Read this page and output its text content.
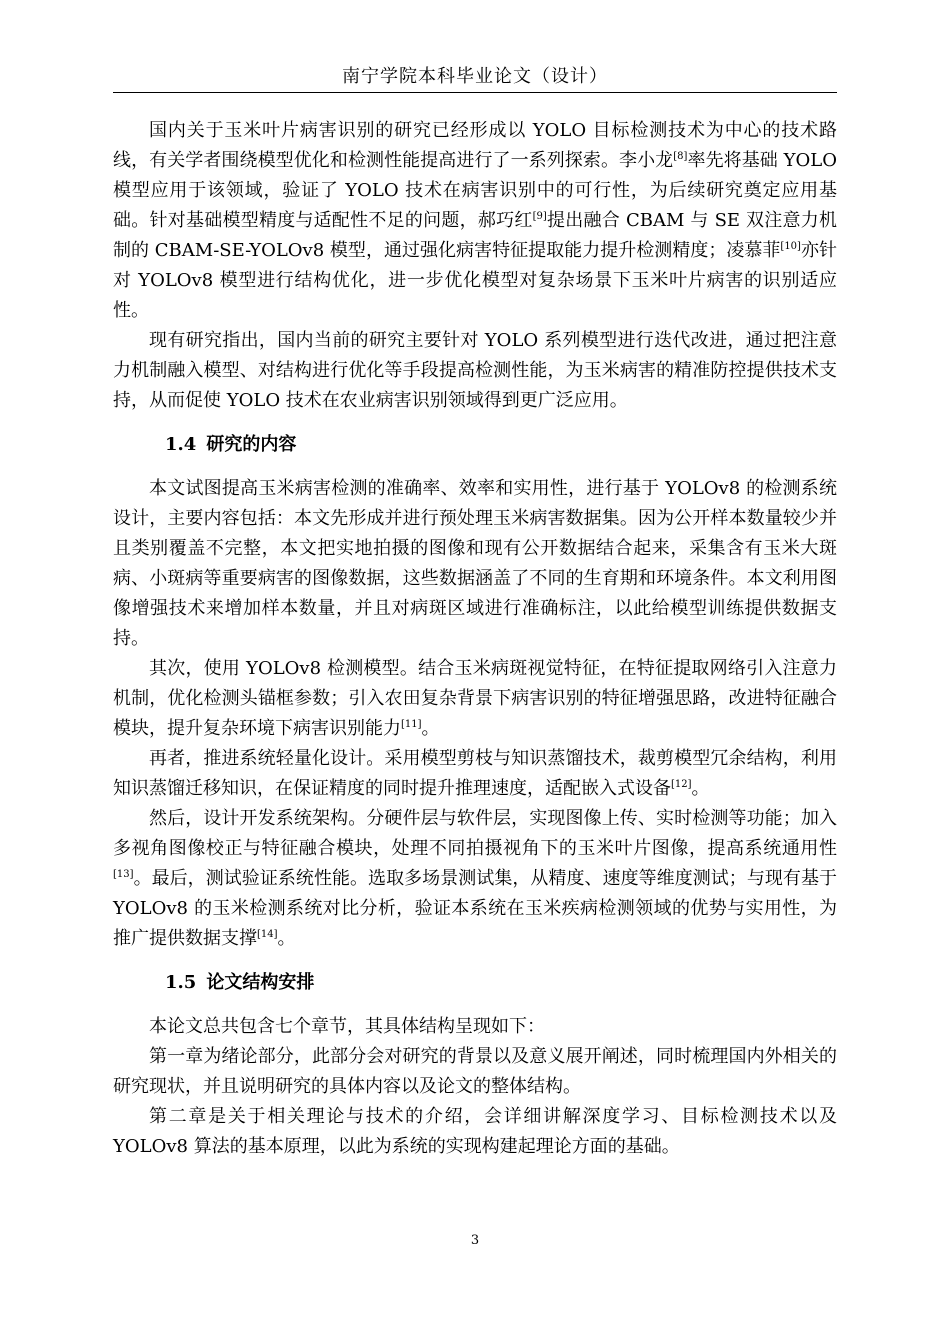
南宁学院本科毕业论文（设计）

国内关于玉米叶片病害识别的研究已经形成以 YOLO 目标检测技术为中心的技术路线，有关学者围绕模型优化和检测性能提高进行了一系列探索。李小龙[8]率先将基础 YOLO 模型应用于该领域，验证了 YOLO 技术在病害识别中的可行性，为后续研究奠定应用基础。针对基础模型精度与适配性不足的问题，郝巧红[9]提出融合 CBAM 与 SE 双注意力机制的 CBAM-SE-YOLOv8 模型，通过强化病害特征提取能力提升检测精度；凌慕菲[10]亦针对 YOLOv8 模型进行结构优化，进一步优化模型对复杂场景下玉米叶片病害的识别适应性。

现有研究指出，国内当前的研究主要针对 YOLO 系列模型进行迭代改进，通过把注意力机制融入模型、对结构进行优化等手段提高检测性能，为玉米病害的精准防控提供技术支持，从而促使 YOLO 技术在农业病害识别领域得到更广泛应用。

1.4 研究的内容

本文试图提高玉米病害检测的准确率、效率和实用性，进行基于 YOLOv8 的检测系统设计，主要内容包括：本文先形成并进行预处理玉米病害数据集。因为公开样本数量较少并且类别覆盖不完整，本文把实地拍摄的图像和现有公开数据结合起来，采集含有玉米大斑病、小斑病等重要病害的图像数据，这些数据涵盖了不同的生育期和环境条件。本文利用图像增强技术来增加样本数量，并且对病斑区域进行准确标注，以此给模型训练提供数据支持。

其次，使用 YOLOv8 检测模型。结合玉米病斑视觉特征，在特征提取网络引入注意力机制，优化检测头锚框参数；引入农田复杂背景下病害识别的特征增强思路，改进特征融合模块，提升复杂环境下病害识别能力[11]。

再者，推进系统轻量化设计。采用模型剪枝与知识蒸馏技术，裁剪模型冗余结构，利用知识蒸馏迁移知识，在保证精度的同时提升推理速度，适配嵌入式设备[12]。

然后，设计开发系统架构。分硬件层与软件层，实现图像上传、实时检测等功能；加入多视角图像校正与特征融合模块，处理不同拍摄视角下的玉米叶片图像，提高系统通用性[13]。最后，测试验证系统性能。选取多场景测试集，从精度、速度等维度测试；与现有基于 YOLOv8 的玉米检测系统对比分析，验证本系统在玉米疾病检测领域的优势与实用性，为推广提供数据支撑[14]。

1.5 论文结构安排

本论文总共包含七个章节，其具体结构呈现如下：

第一章为绪论部分，此部分会对研究的背景以及意义展开阐述，同时梳理国内外相关的研究现状，并且说明研究的具体内容以及论文的整体结构。

第二章是关于相关理论与技术的介绍，会详细讲解深度学习、目标检测技术以及 YOLOv8 算法的基本原理，以此为系统的实现构建起理论方面的基础。

3
